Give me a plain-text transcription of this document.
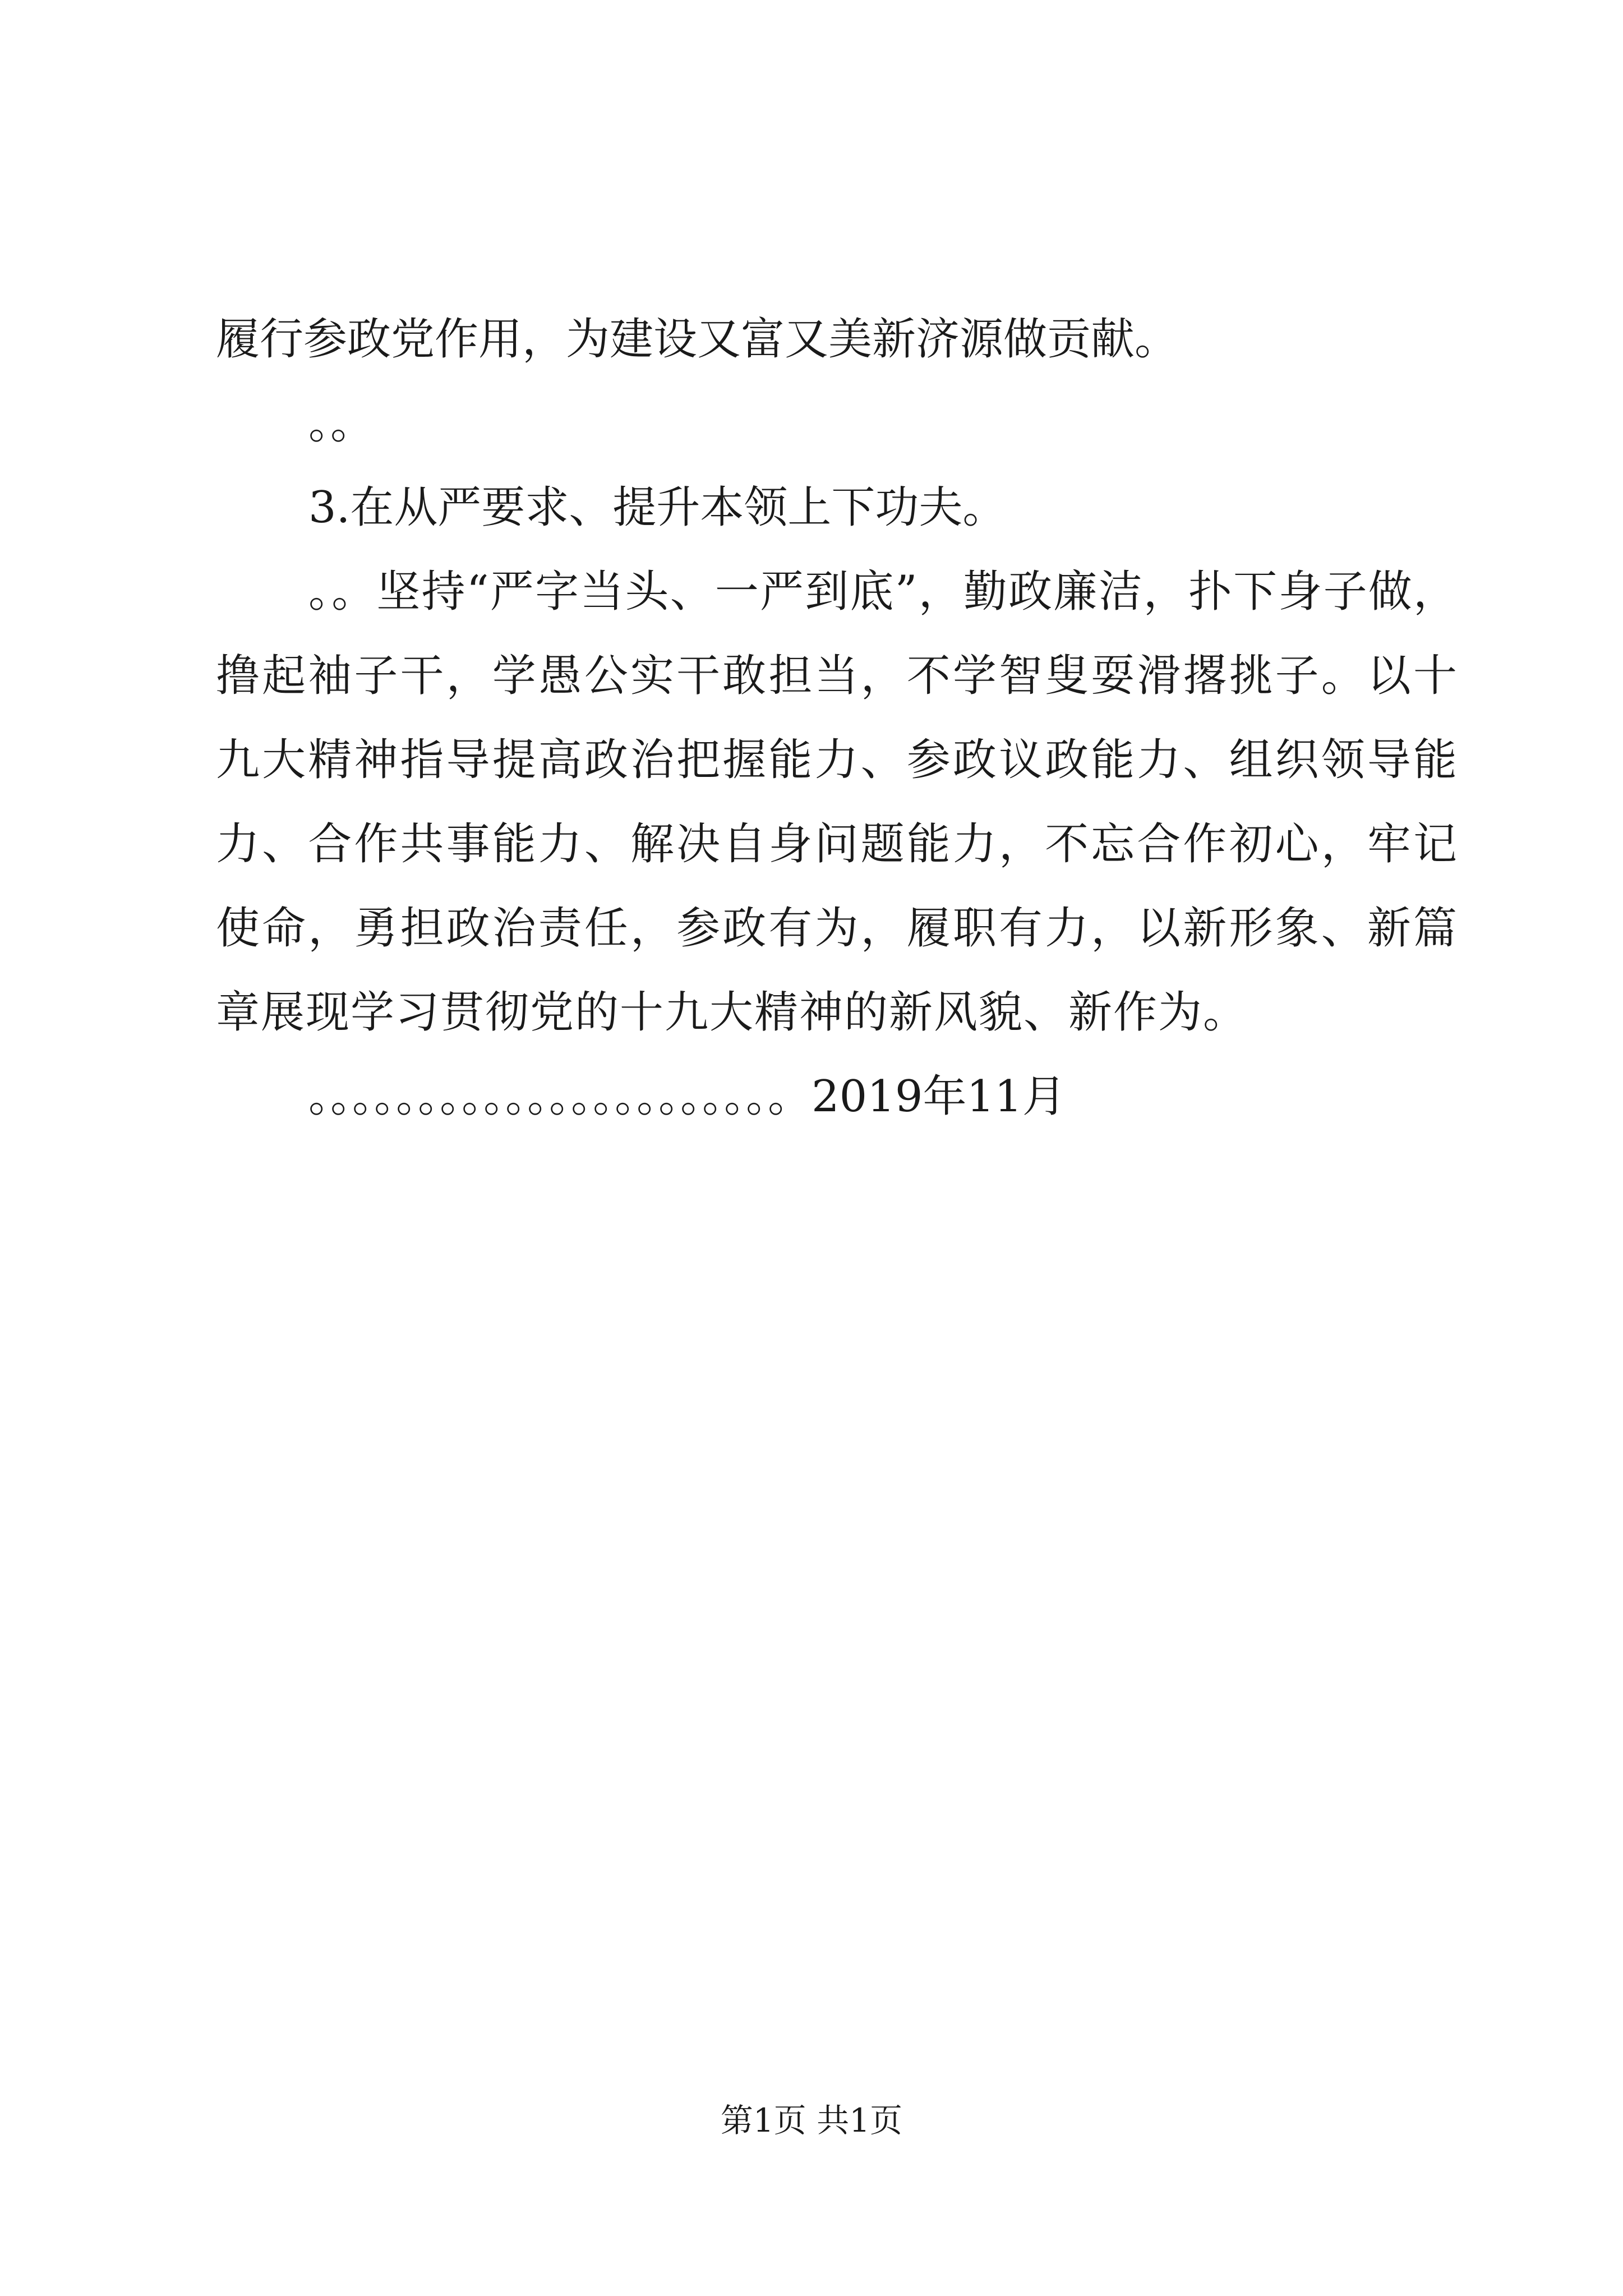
履行参政党作用，为建设又富又美新济源做贡献。
。。
3.在从严要求、提升本领上下功夫。
。。坚持“严字当头、一严到底”，勤政廉洁，扑下身子做，撸起袖子干，学愚公实干敢担当，不学智叟耍滑撂挑子。以十九大精神指导提高政治把握能力、参政议政能力、组织领导能力、合作共事能力、解决自身问题能力，不忘合作初心，牢记使命，勇担政治责任，参政有为，履职有力，以新形象、新篇章展现学习贯彻党的十九大精神的新风貌、新作为。
。。。。。。。。。。。。。。。。。。。。。。2019年11月
第1页 共1页
